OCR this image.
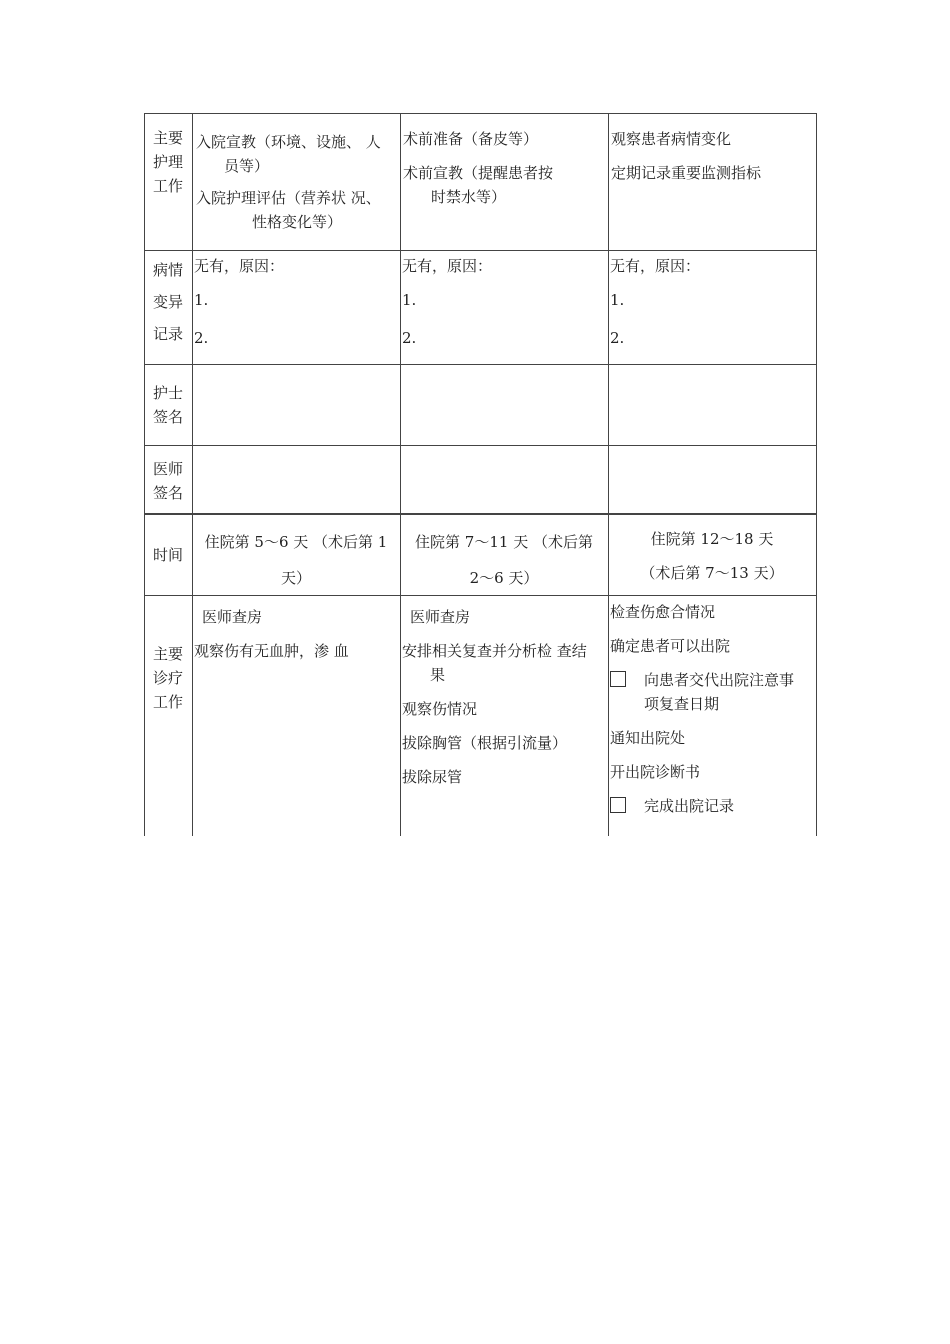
主要
护理
工作
入院宣教（环境、设施、 人
员等）
入院护理评估（营养状 况、
性格变化等）
术前准备（备皮等）
术前宣教（提醒患者按
时禁水等）
观察患者病情变化
定期记录重要监测指标
病情
变异
记录
无有，原因：
1.
2.
无有，原因：
1.
2.
无有，原因：
1.
2.
护士
签名
医师
签名
时间
住院第 5〜6 天 （术后第 1
天）
住院第 7〜11 天 （术后第
2〜6 天）
住院第 12〜18 天
（术后第 7〜13 天）
主要
诊疗
工作
医师查房
观察伤有无血肿，渗 血
医师查房
安排相关复查并分析检 查结
果
观察伤情况
拔除胸管（根据引流量）
拔除尿管
检查伤愈合情况
确定患者可以出院
向患者交代出院注意事
项复查日期
通知出院处
开出院诊断书
完成出院记录
